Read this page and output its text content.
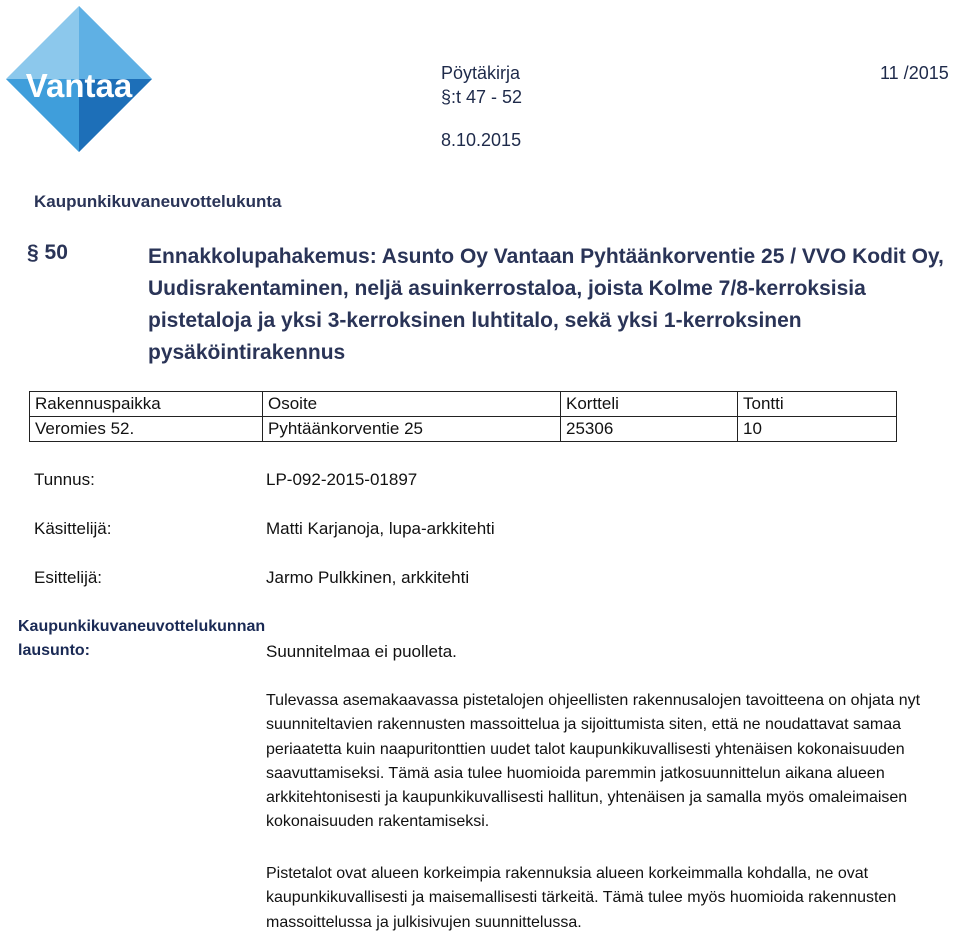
Vantaa	Pöytäkirja
§:t 47 - 52
11 /2015
8.10.2015
Kaupunkikuvaneuvottelukunta
§ 50	Ennakkolupahakemus: Asunto Oy Vantaan Pyhtäänkorventie 25 / VVO Kodit Oy, Uudisrakentaminen, neljä asuinkerrostaloa, joista Kolme 7/8-kerroksisia pistetaloja ja yksi 3-kerroksinen luhtitalo, sekä yksi 1-kerroksinen pysäköintirakennus

Rakennuspaikka	Osoite	Kortteli	Tontti
Veromies 52.	Pyhtäänkorventie 25	25306	10
Tunnus:	LP-092-2015-01897
Käsittelijä:	Matti Karjanoja, lupa-arkkitehti
Esittelijä:	Jarmo Pulkkinen, arkkitehti
Kaupunkikuvaneuvottelukunnan
lausunto:	Suunnitelmaa ei puolleta.

Tulevassa asemakaavassa pistetalojen ohjeellisten rakennusalojen tavoitteena on ohjata nyt suunniteltavien rakennusten massoittelua ja sijoittumista siten, että ne noudattavat samaa periaatetta kuin naapuritonttien uudet talot kaupunkikuvallisesti yhtenäisen kokonaisuuden saavuttamiseksi. Tämä asia tulee huomioida paremmin jatkosuunnittelun aikana alueen arkkitehtonisesti ja kaupunkikuvallisesti hallitun, yhtenäisen ja samalla myös omaleimaisen kokonaisuuden rakentamiseksi.

Pistetalot ovat alueen korkeimpia rakennuksia alueen korkeimmalla kohdalla, ne ovat kaupunkikuvallisesti ja maisemallisesti tärkeitä. Tämä tulee myös huomioida rakennusten massoittelussa ja julkisivujen suunnittelussa.
